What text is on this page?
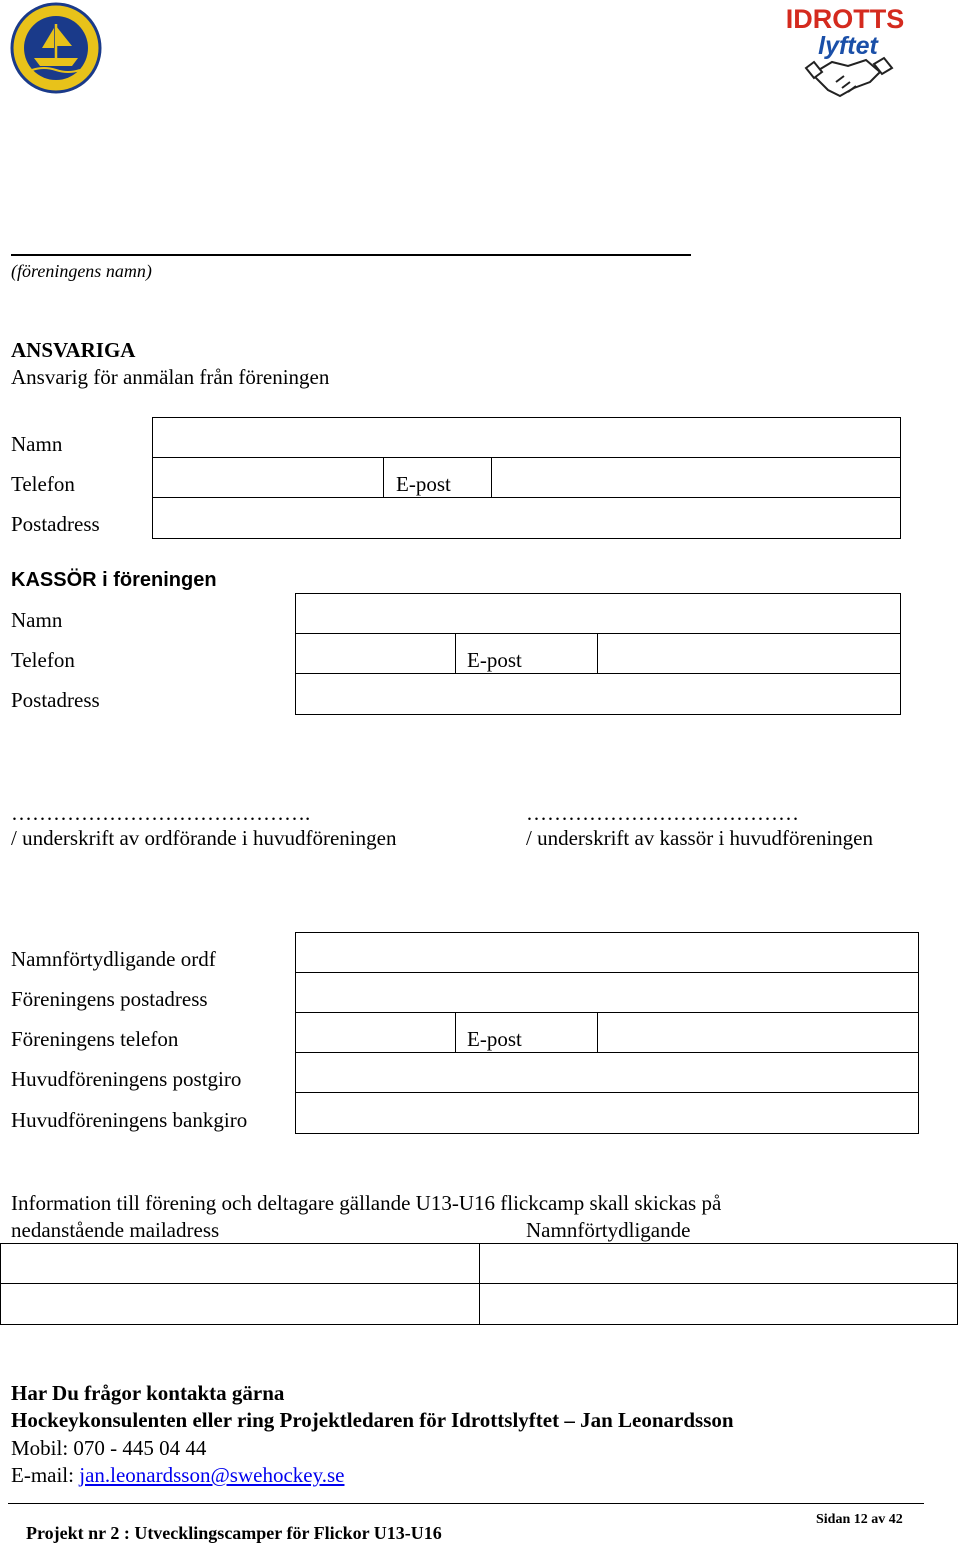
IDROTTS
lyftet
(föreningens namn)
ANSVARIGA
Ansvarig för anmälan från föreningen
Namn
Telefon
Postadress
E-post
KASSÖR i föreningen
Namn
Telefon
Postadress
E-post
…………………………………….
/ underskrift av ordförande i huvudföreningen
…………………………………
/ underskrift av kassör i huvudföreningen
Namnförtydligande ordf
Föreningens postadress
Föreningens telefon
Huvudföreningens postgiro
Huvudföreningens bankgiro
E-post
Information till förening och deltagare gällande U13-U16 flickcamp skall skickas på
nedanstående mailadress	Namnförtydligande
Har Du frågor kontakta gärna
Hockeykonsulenten eller ring Projektledaren för Idrottslyftet – Jan Leonardsson
Mobil: 070 - 445 04 44
E-mail: jan.leonardsson@swehockey.se
Projekt nr 2 : Utvecklingscamper för Flickor U13-U16
Sidan 12 av 42
